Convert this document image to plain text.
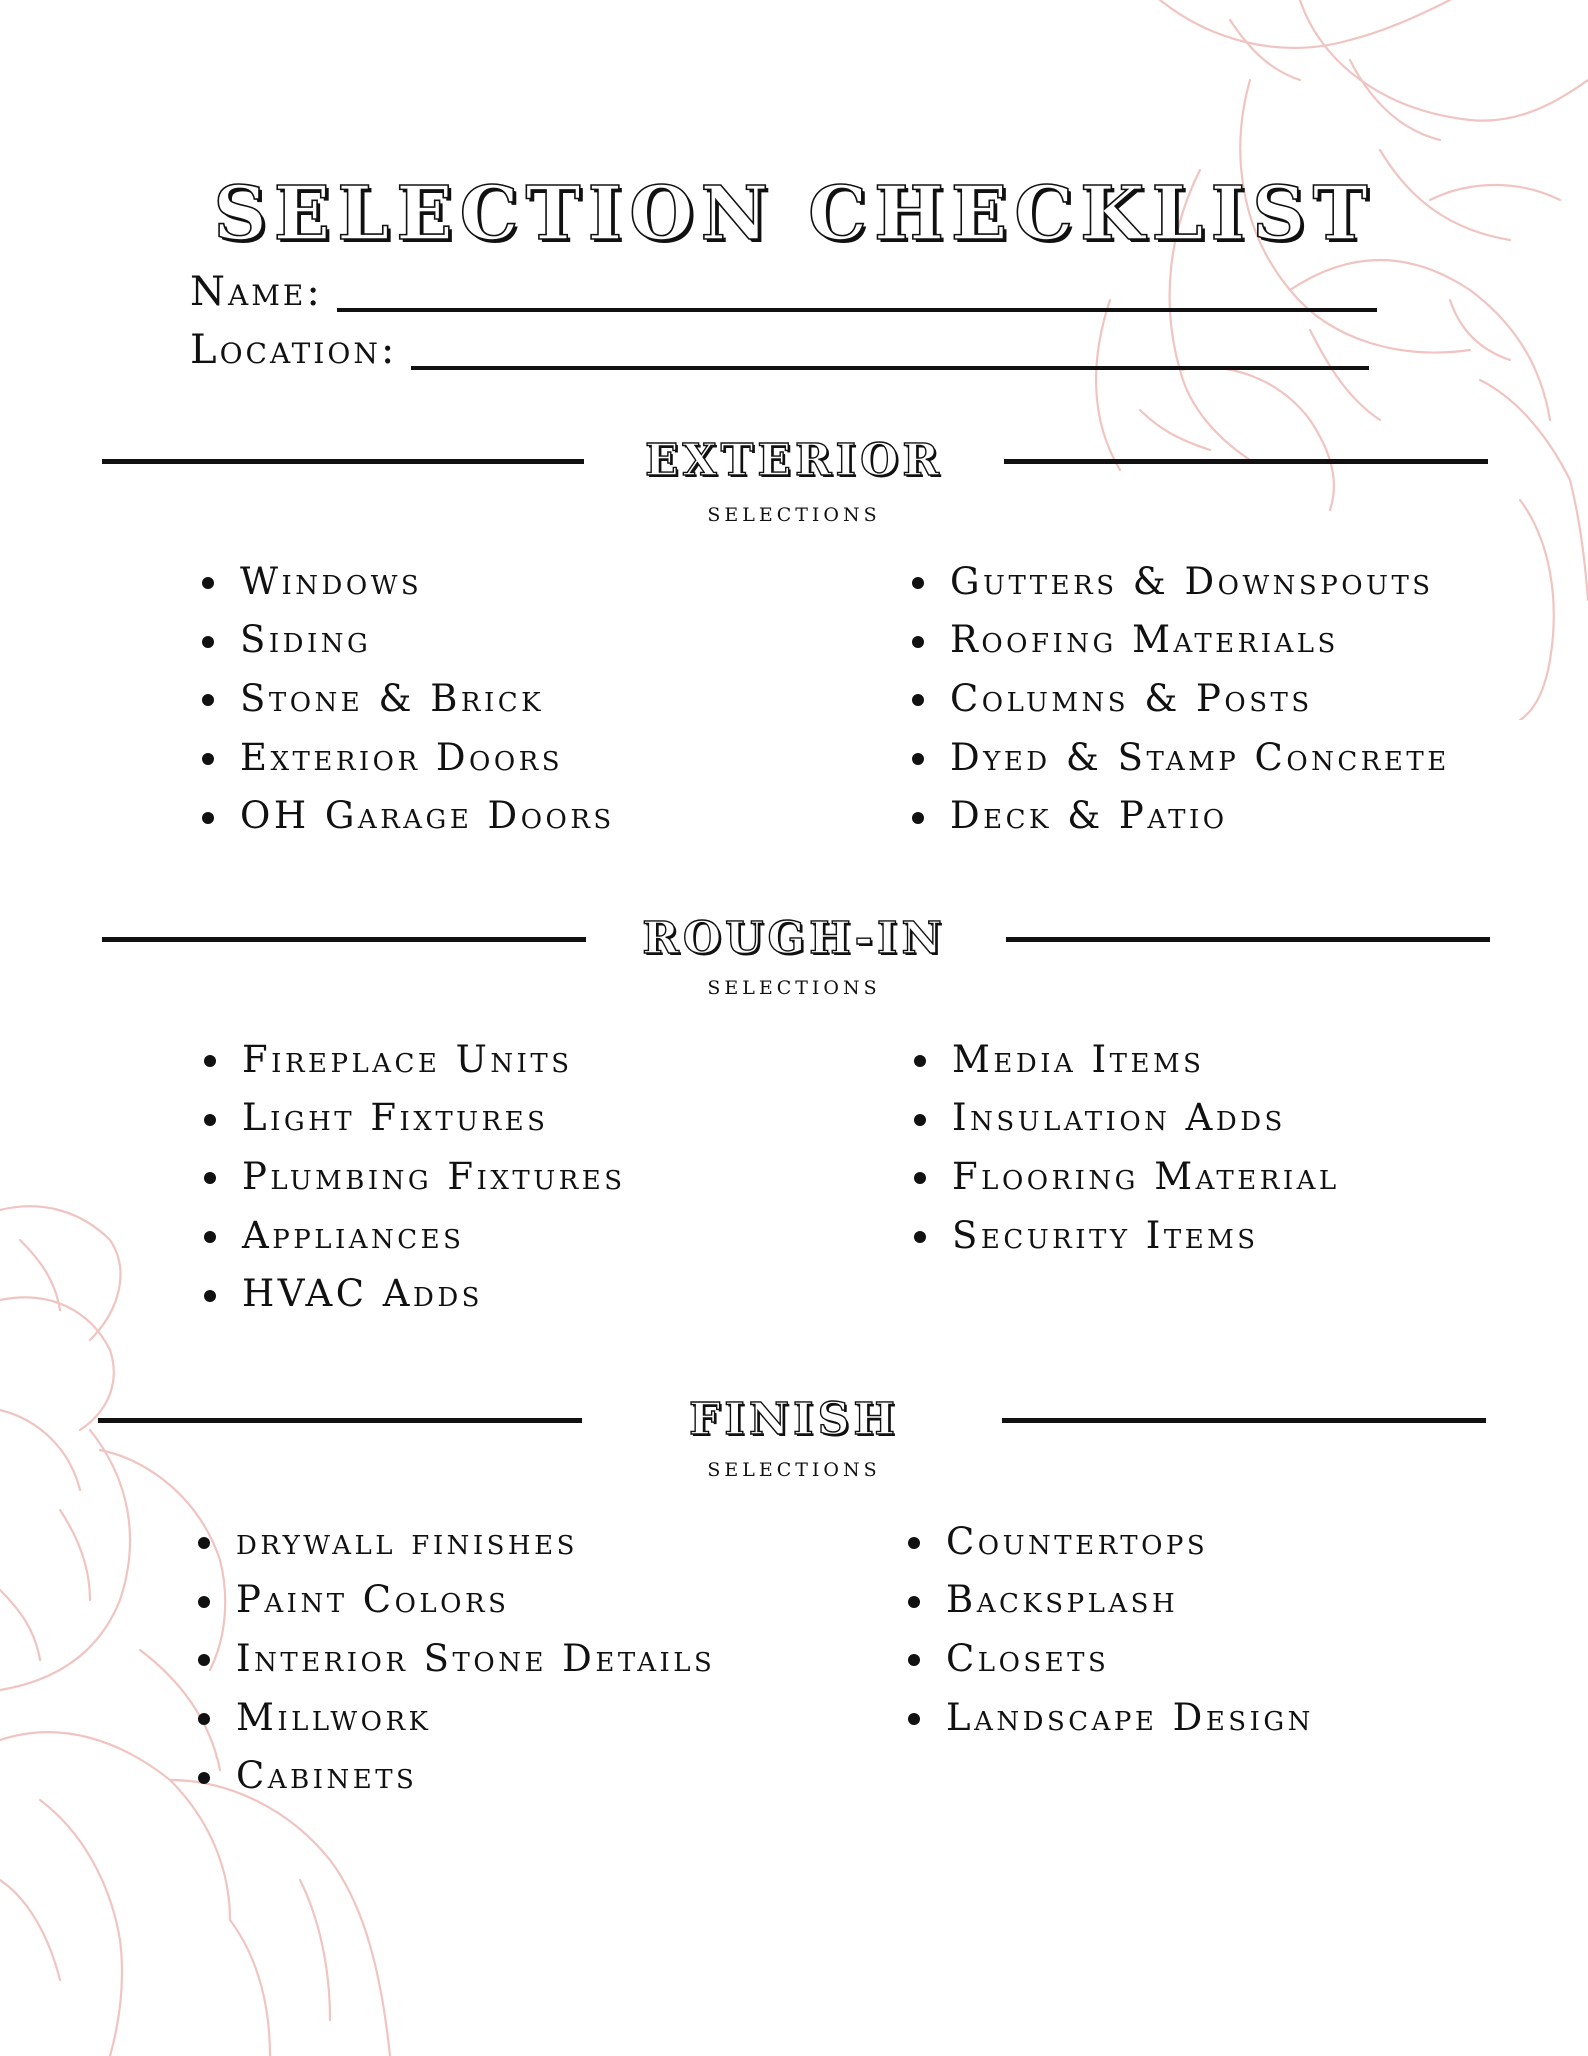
SELECTION CHECKLIST
Name:
Location:
EXTERIOR
SELECTIONS
Windows
Siding
Stone & Brick
Exterior Doors
OH Garage Doors
Gutters & Downspouts
Roofing Materials
Columns & Posts
Dyed & Stamp Concrete
Deck & Patio
ROUGH-IN
SELECTIONS
Fireplace Units
Light Fixtures
Plumbing Fixtures
Appliances
HVAC Adds
Media Items
Insulation Adds
Flooring Material
Security Items
FINISH
SELECTIONS
drywall finishes
Paint Colors
Interior Stone Details
Millwork
Cabinets
Countertops
Backsplash
Closets
Landscape Design
